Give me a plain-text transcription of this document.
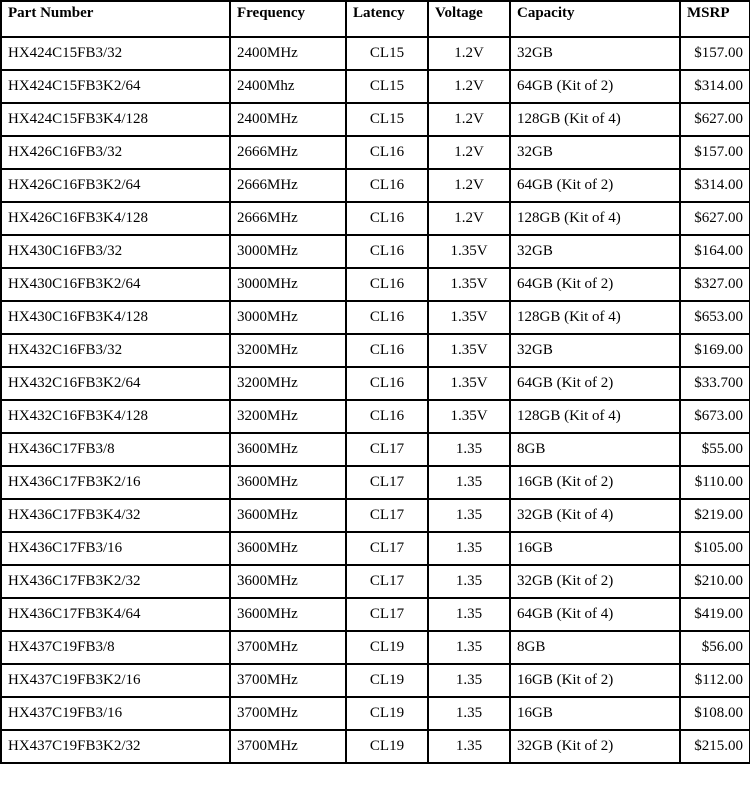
Part Number	Frequency	Latency	Voltage	Capacity	MSRP
HX424C15FB3/32	2400MHz	CL15	1.2V	32GB	$157.00
HX424C15FB3K2/64	2400Mhz	CL15	1.2V	64GB (Kit of 2)	$314.00
HX424C15FB3K4/128	2400MHz	CL15	1.2V	128GB (Kit of 4)	$627.00
HX426C16FB3/32	2666MHz	CL16	1.2V	32GB	$157.00
HX426C16FB3K2/64	2666MHz	CL16	1.2V	64GB (Kit of 2)	$314.00
HX426C16FB3K4/128	2666MHz	CL16	1.2V	128GB (Kit of 4)	$627.00
HX430C16FB3/32	3000MHz	CL16	1.35V	32GB	$164.00
HX430C16FB3K2/64	3000MHz	CL16	1.35V	64GB (Kit of 2)	$327.00
HX430C16FB3K4/128	3000MHz	CL16	1.35V	128GB (Kit of 4)	$653.00
HX432C16FB3/32	3200MHz	CL16	1.35V	32GB	$169.00
HX432C16FB3K2/64	3200MHz	CL16	1.35V	64GB (Kit of 2)	$33.700
HX432C16FB3K4/128	3200MHz	CL16	1.35V	128GB (Kit of 4)	$673.00
HX436C17FB3/8	3600MHz	CL17	1.35	8GB	$55.00
HX436C17FB3K2/16	3600MHz	CL17	1.35	16GB (Kit of 2)	$110.00
HX436C17FB3K4/32	3600MHz	CL17	1.35	32GB (Kit of 4)	$219.00
HX436C17FB3/16	3600MHz	CL17	1.35	16GB	$105.00
HX436C17FB3K2/32	3600MHz	CL17	1.35	32GB (Kit of 2)	$210.00
HX436C17FB3K4/64	3600MHz	CL17	1.35	64GB (Kit of 4)	$419.00
HX437C19FB3/8	3700MHz	CL19	1.35	8GB	$56.00
HX437C19FB3K2/16	3700MHz	CL19	1.35	16GB (Kit of 2)	$112.00
HX437C19FB3/16	3700MHz	CL19	1.35	16GB	$108.00
HX437C19FB3K2/32	3700MHz	CL19	1.35	32GB (Kit of 2)	$215.00
